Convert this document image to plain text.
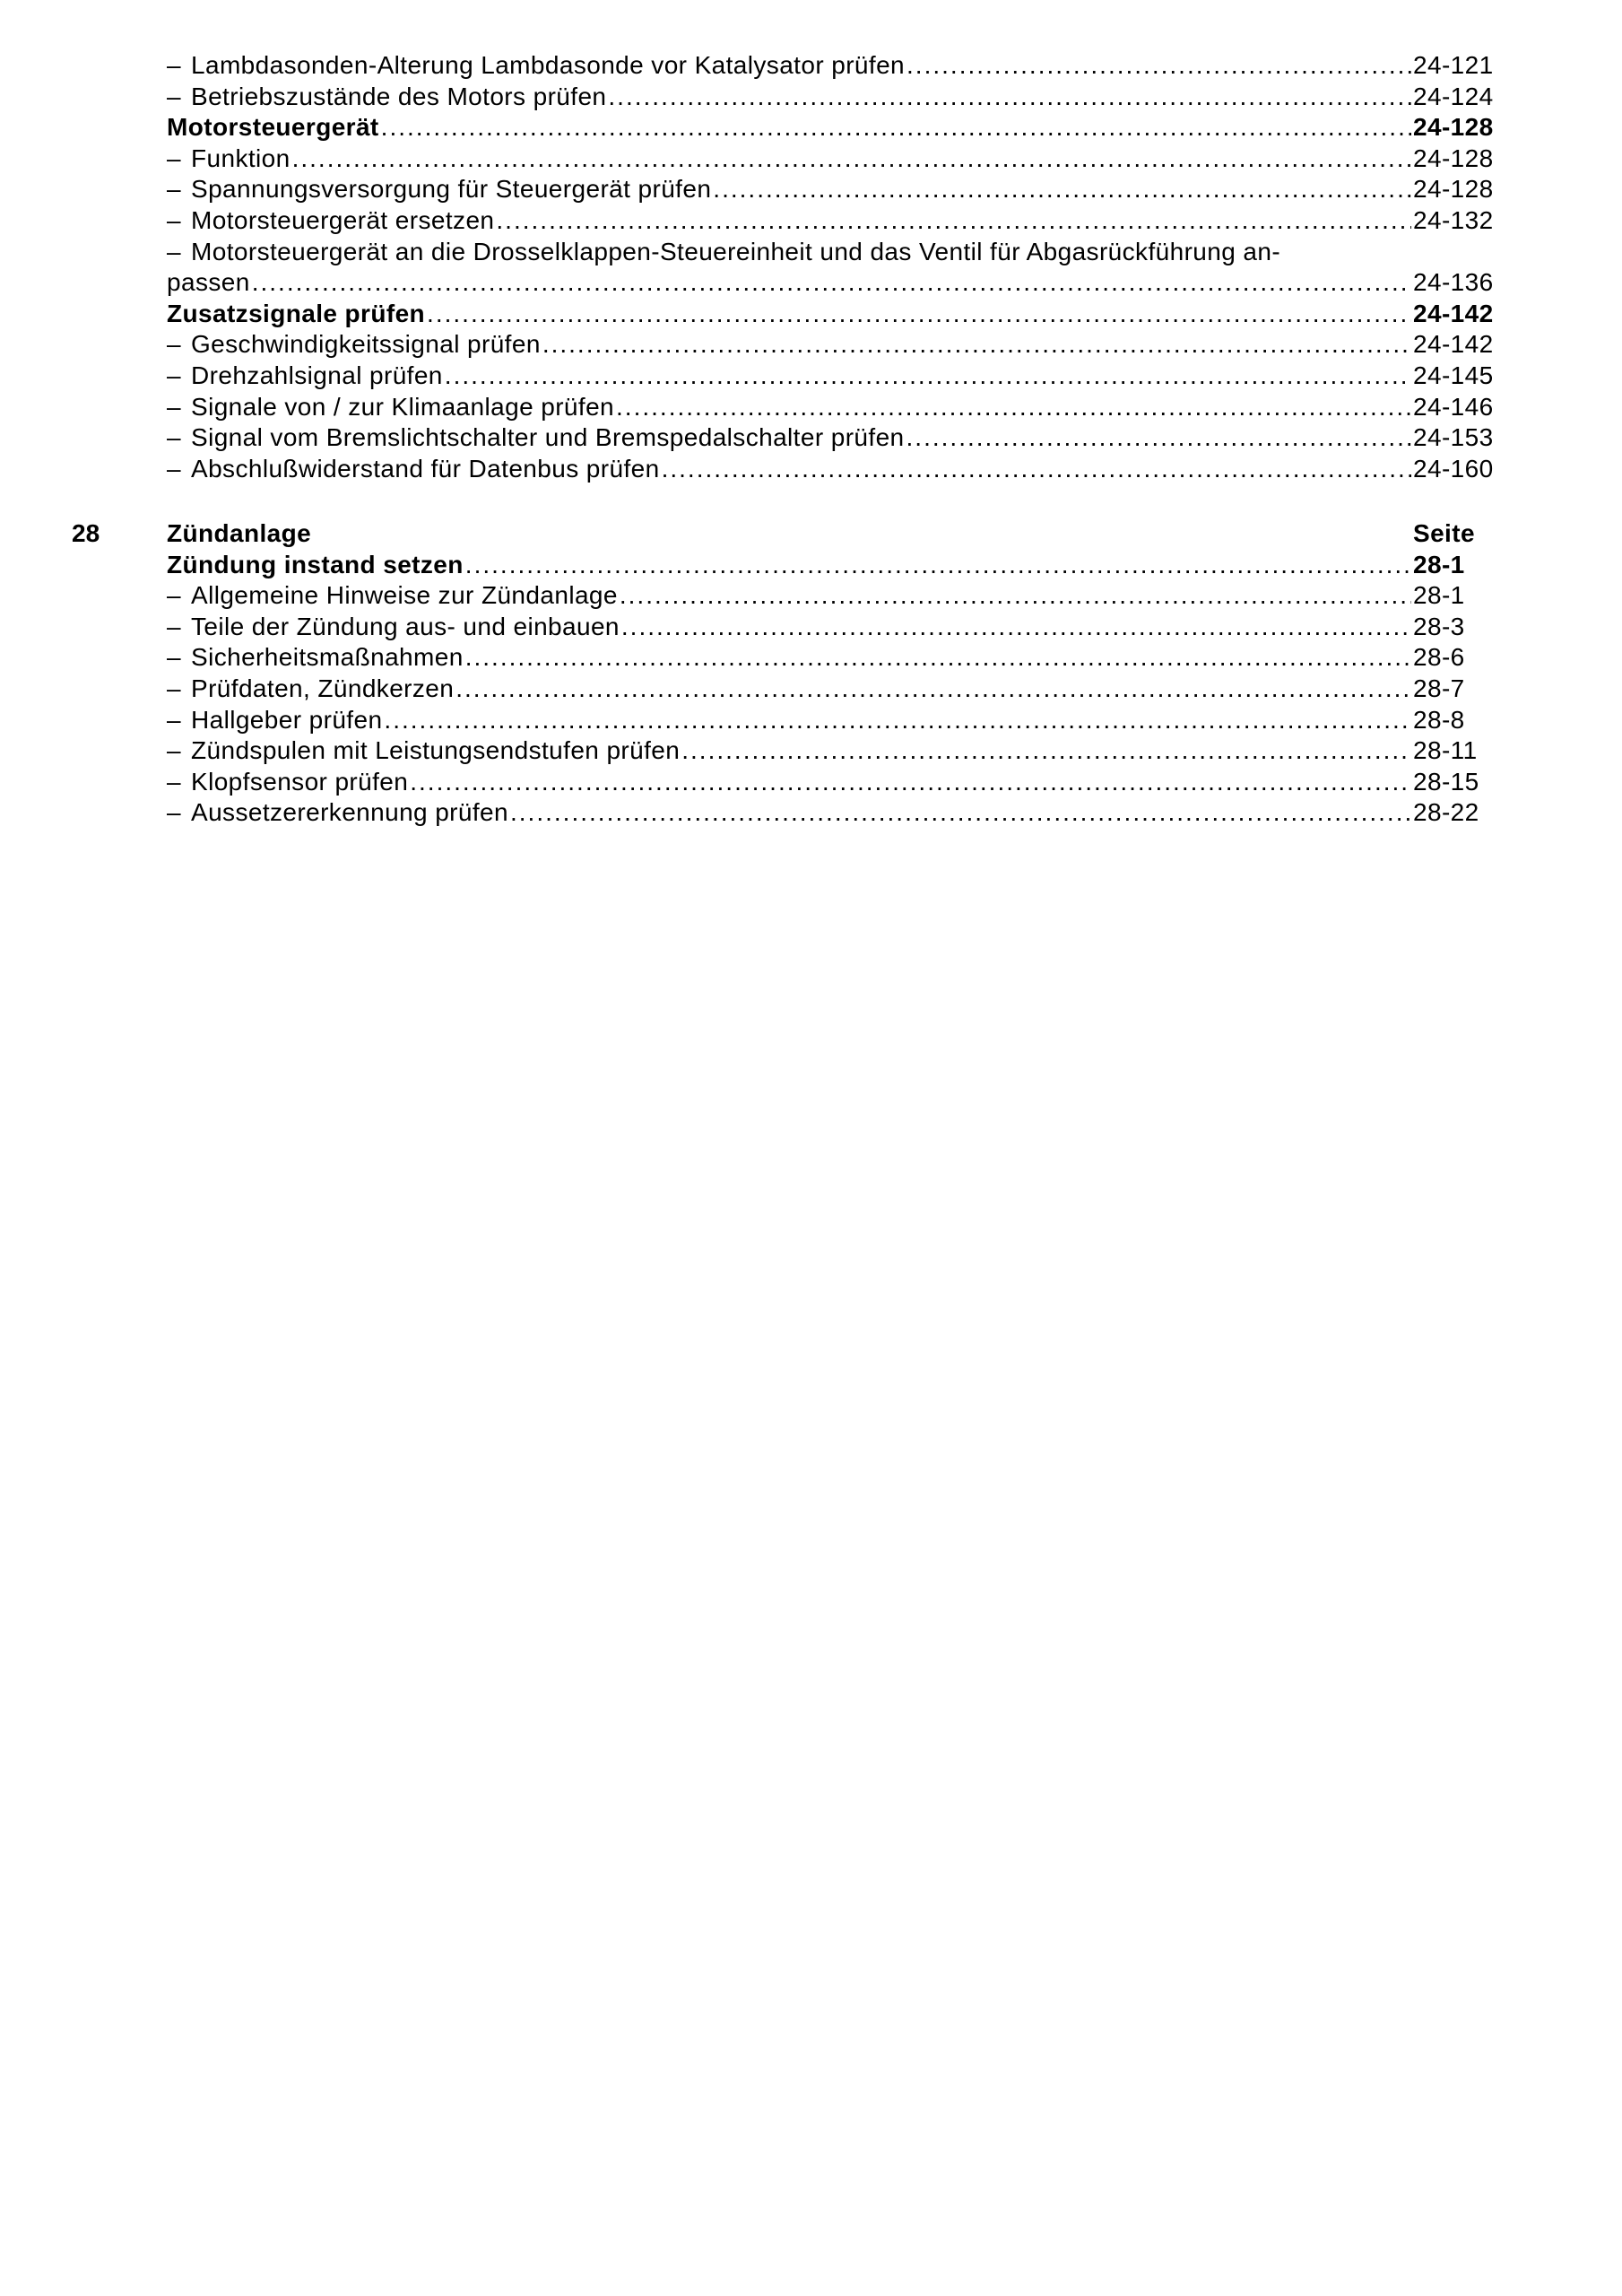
– Lambdasonden-Alterung Lambdasonde vor Katalysator prüfen .....	24-121
– Betriebszustände des Motors prüfen .....	24-124
Motorsteuergerät .....	24-128
– Funktion .....	24-128
– Spannungsversorgung für Steuergerät prüfen .....	24-128
– Motorsteuergerät ersetzen .....	24-132
– Motorsteuergerät an die Drosselklappen-Steuereinheit und das Ventil für Abgasrückführung an-
passen .....	24-136
Zusatzsignale prüfen .....	24-142
– Geschwindigkeitssignal prüfen .....	24-142
– Drehzahlsignal prüfen .....	24-145
– Signale von / zur Klimaanlage prüfen .....	24-146
– Signal vom Bremslichtschalter und Bremspedalschalter prüfen .....	24-153
– Abschlußwiderstand für Datenbus prüfen .....	24-160
28	Zündanlage	Seite
Zündung instand setzen .....	28-1
– Allgemeine Hinweise zur Zündanlage .....	28-1
– Teile der Zündung aus- und einbauen .....	28-3
– Sicherheitsmaßnahmen .....	28-6
– Prüfdaten, Zündkerzen .....	28-7
– Hallgeber prüfen .....	28-8
– Zündspulen mit Leistungsendstufen prüfen .....	28-11
– Klopfsensor prüfen .....	28-15
– Aussetzererkennung prüfen .....	28-22
